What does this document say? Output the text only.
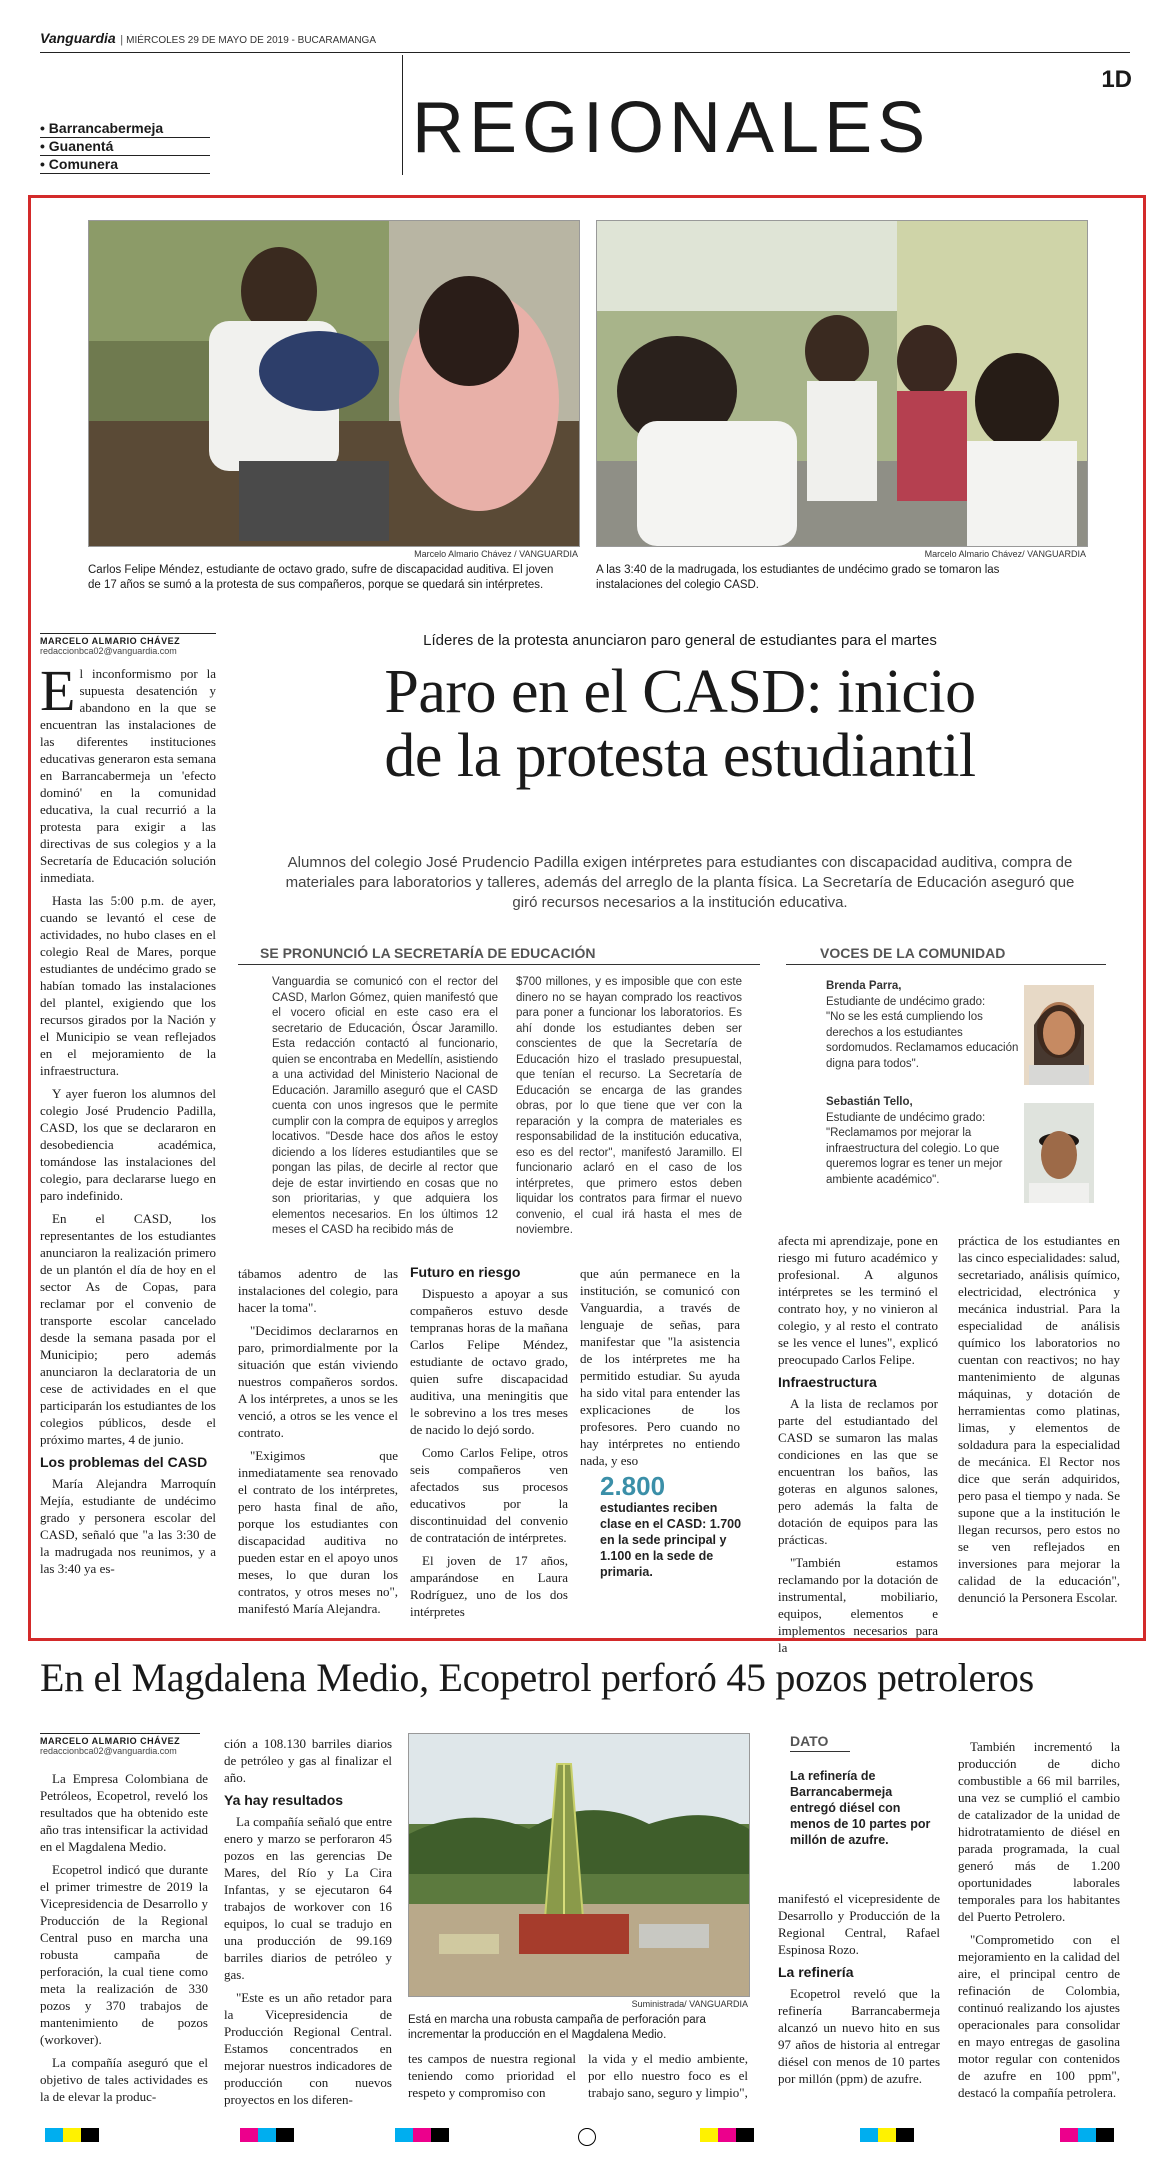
Vanguardia | MIÉRCOLES 29 DE MAYO DE 2019 - BUCARAMANGA
1D
• Barrancabermeja
• Guanentá
• Comunera	REGIONALES
Marcelo Almario Chávez / VANGUARDIA
Carlos Felipe Méndez, estudiante de octavo grado, sufre de discapacidad auditiva. El joven de 17 años se sumó a la protesta de sus compañeros, porque se quedará sin intérpretes.
Marcelo Almario Chávez/ VANGUARDIA
A las 3:40 de la madrugada, los estudiantes de undécimo grado se tomaron las instalaciones del colegio CASD.
MARCELO ALMARIO CHÁVEZ
redaccionbca02@vanguardia.com
Líderes de la protesta anunciaron paro general de estudiantes para el martes
Paro en el CASD: inicio
de la protesta estudiantil
Alumnos del colegio José Prudencio Padilla exigen intérpretes para estudiantes con discapacidad auditiva, compra de materiales para laboratorios y talleres, además del arreglo de la planta física. La Secretaría de Educación aseguró que giró recursos necesarios a la institución educativa.

El inconformismo por la supuesta desatención y abandono en la que se encuentran las instalaciones de las diferentes instituciones educativas generaron esta semana en Barrancabermeja un 'efecto dominó' en la comunidad educativa, la cual recurrió a la protesta para exigir a las directivas de sus colegios y a la Secretaría de Educación solución inmediata.

Hasta las 5:00 p.m. de ayer, cuando se levantó el cese de actividades, no hubo clases en el colegio Real de Mares, porque estudiantes de undécimo grado se habían tomado las instalaciones del plantel, exigiendo que los recursos girados por la Nación y el Municipio se vean reflejados en el mejoramiento de la infraestructura.

Y ayer fueron los alumnos del colegio José Prudencio Padilla, CASD, los que se declararon en desobediencia académica, tomándose las instalaciones del colegio, para declararse luego en paro indefinido.

En el CASD, los representantes de los estudiantes anunciaron la realización primero de un plantón el día de hoy en el sector As de Copas, para reclamar por el convenio de transporte escolar cancelado desde la semana pasada por el Municipio; pero además anunciaron la declaratoria de un cese de actividades en el que participarán los estudiantes de los colegios públicos, desde el próximo martes, 4 de junio.

Los problemas del CASD

María Alejandra Marroquín Mejía, estudiante de undécimo grado y personera escolar del CASD, señaló que "a las 3:30 de la madrugada nos reunimos, y a las 3:40 ya es-

SE PRONUNCIÓ LA SECRETARÍA DE EDUCACIÓN
Vanguardia se comunicó con el rector del CASD, Marlon Gómez, quien manifestó que el vocero oficial en este caso era el secretario de Educación, Óscar Jaramillo. Esta redacción contactó al funcionario, quien se encontraba en Medellín, asistiendo a una actividad del Ministerio Nacional de Educación. Jaramillo aseguró que el CASD cuenta con unos ingresos que le permite cumplir con la compra de equipos y arreglos locativos. "Desde hace dos años le estoy diciendo a los líderes estudiantiles que se pongan las pilas, de decirle al rector que deje de estar invirtiendo en cosas que no son prioritarias, y que adquiera los elementos necesarios. En los últimos 12 meses el CASD ha recibido más de
$700 millones, y es imposible que con este dinero no se hayan comprado los reactivos para poner a funcionar los laboratorios. Es ahí donde los estudiantes deben ser conscientes de que la Secretaría de Educación hizo el traslado presupuestal, que tenían el recurso. La Secretaría de Educación se encarga de las grandes obras, por lo que tiene que ver con la reparación y la compra de materiales es responsabilidad de la institución educativa, eso es del rector", manifestó Jaramillo. El funcionario aclaró en el caso de los intérpretes, que primero estos deben liquidar los contratos para firmar el nuevo convenio, el cual irá hasta el mes de noviembre.
VOCES DE LA COMUNIDAD
Brenda Parra,
Estudiante de undécimo grado:
"No se les está cumpliendo los derechos a los estudiantes sordomudos. Reclamamos educación digna para todos".
Sebastián Tello,
Estudiante de undécimo grado:
"Reclamamos por mejorar la infraestructura del colegio. Lo que queremos lograr es tener un mejor ambiente académico".

tábamos adentro de las instalaciones del colegio, para hacer la toma".

"Decidimos declararnos en paro, primordialmente por la situación que están viviendo nuestros compañeros sordos. A los intérpretes, a unos se les venció, a otros se les vence el contrato.

"Exigimos que inmediatamente sea renovado el contrato de los intérpretes, pero hasta final de año, porque los estudiantes con discapacidad auditiva no pueden estar en el apoyo unos meses, lo que duran los contratos, y otros meses no", manifestó María Alejandra.

Futuro en riesgo

Dispuesto a apoyar a sus compañeros estuvo desde tempranas horas de la mañana Carlos Felipe Méndez, estudiante de octavo grado, quien sufre discapacidad auditiva, una meningitis que le sobrevino a los tres meses de nacido lo dejó sordo.

Como Carlos Felipe, otros seis compañeros ven afectados sus procesos educativos por la discontinuidad del convenio de contratación de intérpretes.

El joven de 17 años, amparándose en Laura Rodríguez, uno de los dos intérpretes

que aún permanece en la institución, se comunicó con Vanguardia, a través de lenguaje de señas, para manifestar que "la asistencia de los intérpretes me ha permitido estudiar. Su ayuda ha sido vital para entender las explicaciones de los profesores. Pero cuando no hay intérpretes no entiendo nada, y eso

2.800
estudiantes reciben clase en el CASD: 1.700 en la sede principal y 1.100 en la sede de primaria.

afecta mi aprendizaje, pone en riesgo mi futuro académico y profesional. A algunos intérpretes se les terminó el contrato hoy, y no vinieron al colegio, y al resto el contrato se les vence el lunes", explicó preocupado Carlos Felipe.

Infraestructura

A la lista de reclamos por parte del estudiantado del CASD se sumaron las malas condiciones en las que se encuentran los baños, las goteras en algunos salones, pero además la falta de dotación de equipos para las prácticas.

"También estamos reclamando por la dotación de instrumental, mobiliario, equipos, elementos e implementos necesarios para la

práctica de los estudiantes en las cinco especialidades: salud, secretariado, análisis químico, electricidad, electrónica y mecánica industrial. Para la especialidad de análisis químico los laboratorios no cuentan con reactivos; no hay mantenimiento de algunas máquinas, y dotación de herramientas como platinas, limas, y elementos de soldadura para la especialidad de mecánica. El Rector nos dice que serán adquiridos, pero pasa el tiempo y nada. Se supone que a la institución le llegan recursos, pero estos no se ven reflejados en inversiones para mejorar la calidad de la educación", denunció la Personera Escolar.

En el Magdalena Medio, Ecopetrol perforó 45 pozos petroleros
MARCELO ALMARIO CHÁVEZ
redaccionbca02@vanguardia.com

La Empresa Colombiana de Petróleos, Ecopetrol, reveló los resultados que ha obtenido este año tras intensificar la actividad en el Magdalena Medio.

Ecopetrol indicó que durante el primer trimestre de 2019 la Vicepresidencia de Desarrollo y Producción de la Regional Central puso en marcha una robusta campaña de perforación, la cual tiene como meta la realización de 330 pozos y 370 trabajos de mantenimiento de pozos (workover).

La compañía aseguró que el objetivo de tales actividades es la de elevar la produc-

ción a 108.130 barriles diarios de petróleo y gas al finalizar el año.

Ya hay resultados

La compañía señaló que entre enero y marzo se perforaron 45 pozos en las gerencias De Mares, del Río y La Cira Infantas, y se ejecutaron 64 trabajos de workover con 16 equipos, lo cual se tradujo en una producción de 99.169 barriles diarios de petróleo y gas.

"Este es un año retador para la Vicepresidencia de Producción Regional Central. Estamos concentrados en mejorar nuestros indicadores de producción con nuevos proyectos en los diferen-

Suministrada/ VANGUARDIA
Está en marcha una robusta campaña de perforación para incrementar la producción en el Magdalena Medio.

tes campos de nuestra regional teniendo como prioridad el respeto y compromiso con

la vida y el medio ambiente, por ello nuestro foco es el trabajo sano, seguro y limpio",

DATO
La refinería de Barrancabermeja entregó diésel con menos de 10 partes por millón de azufre.

manifestó el vicepresidente de Desarrollo y Producción de la Regional Central, Rafael Espinosa Rozo.

La refinería

Ecopetrol reveló que la refinería Barrancabermeja alcanzó un nuevo hito en sus 97 años de historia al entregar diésel con menos de 10 partes por millón (ppm) de azufre.

También incrementó la producción de dicho combustible a 66 mil barriles, una vez se cumplió el cambio de catalizador de la unidad de hidrotratamiento de diésel en parada programada, la cual generó más de 1.200 oportunidades laborales temporales para los habitantes del Puerto Petrolero.

"Comprometido con el mejoramiento en la calidad del aire, el principal centro de refinación de Colombia, continuó realizando los ajustes operacionales para consolidar en mayo entregas de gasolina motor regular con contenidos de azufre en 100 ppm", destacó la compañía petrolera.
